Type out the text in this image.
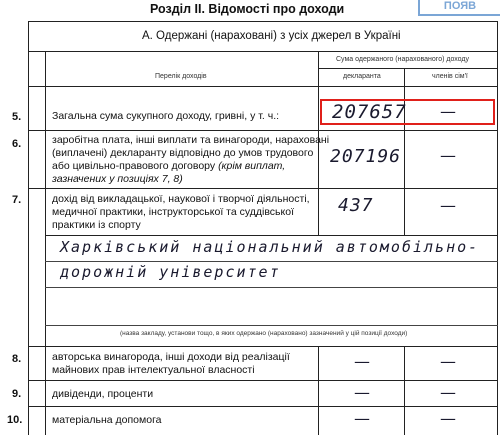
Розділ ІІ. Відомості про доходи	ПОЯВ
А. Одержані (нараховані) з усіх джерел в Україні
Перелік доходів
Сума одержаного (нарахованого) доходу
декларанта	членів сім'ї
5.	Загальна сума сукупного доходу, гривні, у т. ч.:	207657 —
6.	заробітна плата, інші виплати та винагороди, нараховані
(виплачені) декларанту відповідно до умов трудового
або цивільно-правового договору (крім виплат,
зазначених у позиціях 7, 8)
207196 —
7.	дохід від викладацької, наукової і творчої діяльності,
медичної практики, інструкторської та суддівської
практики із спорту
437	—
Харківський національний автомобільно-
дорожній університет
(назва закладу, установи тощо, в яких одержано (нараховано) зазначений у цій позиції доходи)
8.	авторська винагорода, інші доходи від реалізації
майнових прав інтелектуальної власності	—	—
9.	дивіденди, проценти	—	—
10.	матеріальна допомога	—	—
